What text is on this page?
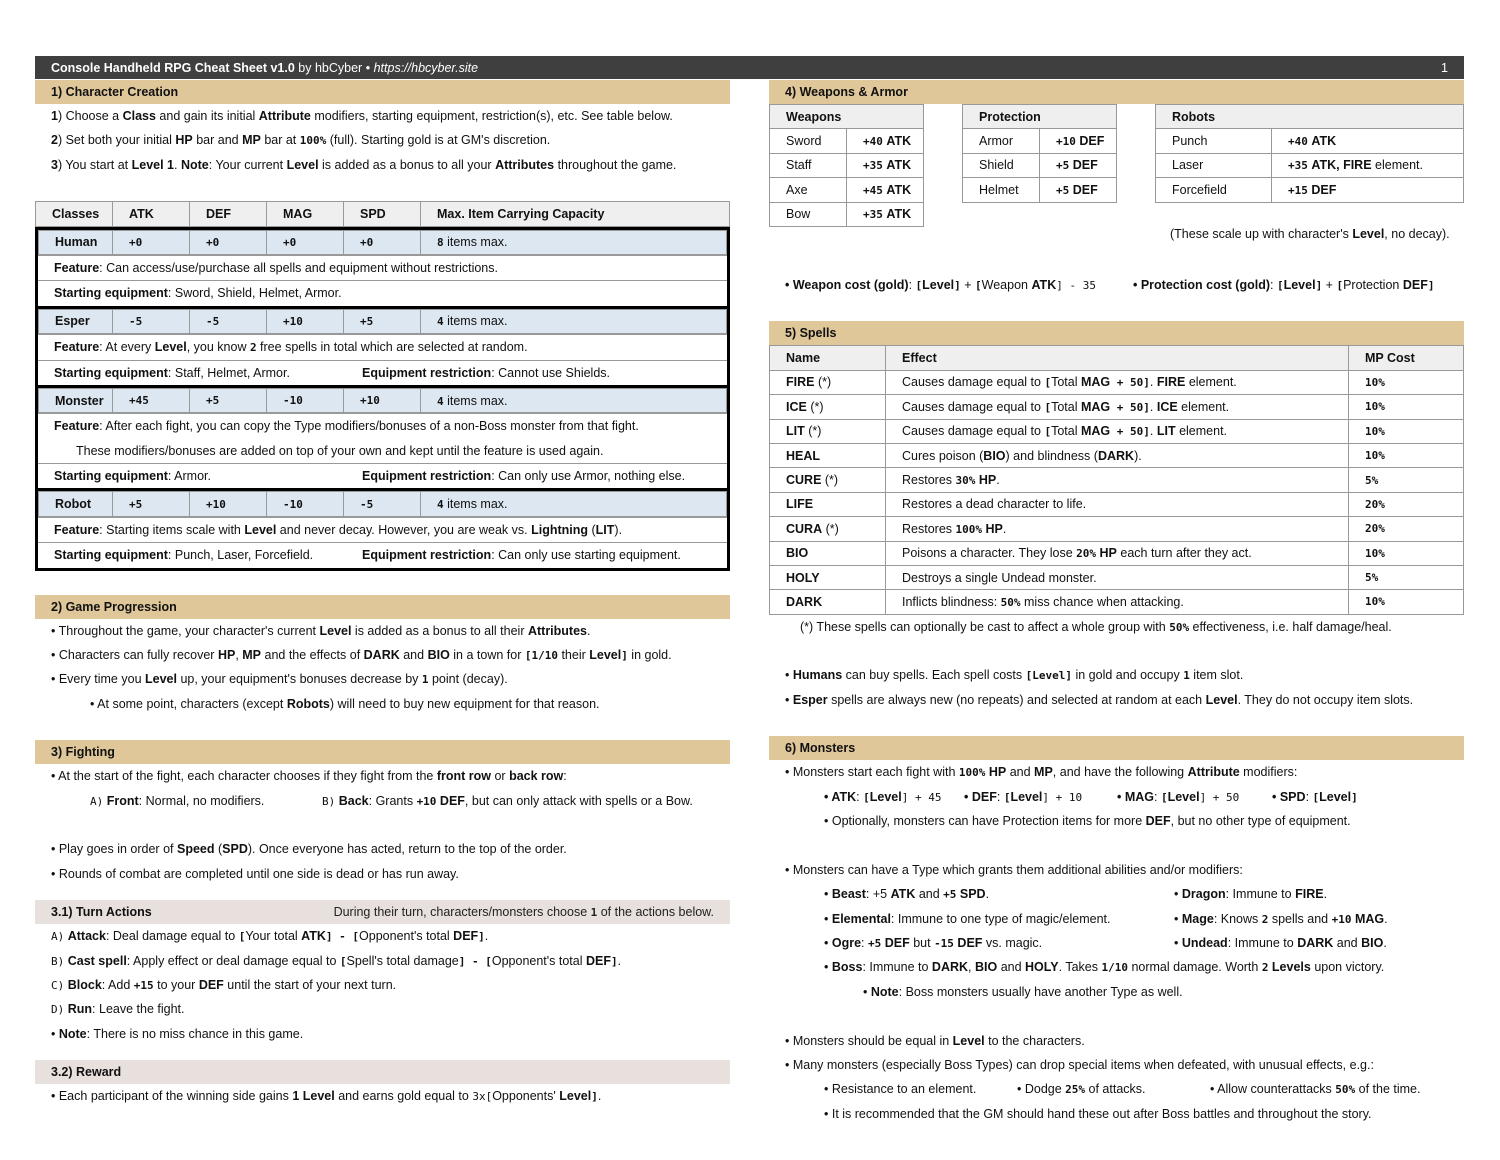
Console Handheld RPG Cheat Sheet v1.0
by hbCyber
•
https://hbcyber.site	1
1) Character Creation
1) Choose a Class and gain its initial Attribute modifiers, starting equipment, restriction(s), etc. See table below.
2) Set both your initial HP bar and MP bar at 100% (full). Starting gold is at GM's discretion.
3) You start at Level 1. Note: Your current Level is added as a bonus to all your Attributes throughout the game.
Classes	ATK	DEF	MAG	SPD	Max. Item Carrying Capacity
Human	+0	+0	+0	+0	8 items max.
Feature: Can access/use/purchase all spells and equipment without restrictions.
Starting equipment: Sword, Shield, Helmet, Armor.
Esper	-5	-5	+10	+5	4 items max.
Feature: At every Level, you know 2 free spells in total which are selected at random.
Starting equipment: Staff, Helmet, Armor.	Equipment restriction: Cannot use Shields.
Monster	+45	+5	-10	+10	4 items max.
Feature: After each fight, you can copy the Type modifiers/bonuses of a non-Boss monster from that fight.
These modifiers/bonuses are added on top of your own and kept until the feature is used again.
Starting equipment: Armor.	Equipment restriction: Can only use Armor, nothing else.
Robot	+5	+10	-10	-5	4 items max.
Feature: Starting items scale with Level and never decay. However, you are weak vs. Lightning (LIT).
Starting equipment: Punch, Laser, Forcefield.	Equipment restriction: Can only use starting equipment.
2) Game Progression
• Throughout the game, your character's current Level is added as a bonus to all their Attributes.
• Characters can fully recover HP, MP and the effects of DARK and BIO in a town for [1/10 their Level] in gold.
• Every time you Level up, your equipment's bonuses decrease by 1 point (decay).
• At some point, characters (except Robots) will need to buy new equipment for that reason.
3) Fighting
• At the start of the fight, each character chooses if they fight from the front row or back row:
A) Front: Normal, no modifiers.	B) Back: Grants +10 DEF, but can only attack with spells or a Bow.
• Play goes in order of Speed (SPD). Once everyone has acted, return to the top of the order.
• Rounds of combat are completed until one side is dead or has run away.
3.1) Turn Actions	During their turn, characters/monsters choose 1 of the actions below.
A) Attack: Deal damage equal to [Your total ATK] - [Opponent's total DEF].
B) Cast spell: Apply effect or deal damage equal to [Spell's total damage] - [Opponent's total DEF].
C) Block: Add +15 to your DEF until the start of your next turn.
D) Run: Leave the fight.
• Note: There is no miss chance in this game.
3.2) Reward
• Each participant of the winning side gains 1 Level and earns gold equal to 3x[Opponents' Level].
4) Weapons & Armor
Weapons	
Sword	+40 ATK
Staff	+35 ATK
Axe	+45 ATK
Bow	+35 ATK
Protection	
Armor	+10 DEF
Shield	+5 DEF
Helmet	+5 DEF
Robots	
Punch	+40 ATK
Laser	+35 ATK, FIRE element.
Forcefield	+15 DEF
(These scale up with character's Level, no decay).
• Weapon cost (gold): [Level] + [Weapon ATK] - 35	• Protection cost (gold): [Level] + [Protection DEF]
5) Spells
Name	Effect	MP Cost
FIRE (*)	Causes damage equal to [Total MAG + 50]. FIRE element.	10%
ICE (*)	Causes damage equal to [Total MAG + 50]. ICE element.	10%
LIT (*)	Causes damage equal to [Total MAG + 50]. LIT element.	10%
HEAL	Cures poison (BIO) and blindness (DARK).	10%
CURE (*)	Restores 30% HP.	5%
LIFE	Restores a dead character to life.	20%
CURA (*)	Restores 100% HP.	20%
BIO	Poisons a character. They lose 20% HP each turn after they act.	10%
HOLY	Destroys a single Undead monster.	5%
DARK	Inflicts blindness: 50% miss chance when attacking.	10%
(*) These spells can optionally be cast to affect a whole group with 50% effectiveness, i.e. half damage/heal.
• Humans can buy spells. Each spell costs [Level] in gold and occupy 1 item slot.
• Esper spells are always new (no repeats) and selected at random at each Level. They do not occupy item slots.
6) Monsters
• Monsters start each fight with 100% HP and MP, and have the following Attribute modifiers:
• ATK: [Level] + 45	• DEF: [Level] + 10	• MAG: [Level] + 50	• SPD: [Level]
• Optionally, monsters can have Protection items for more DEF, but no other type of equipment.
• Monsters can have a Type which grants them additional abilities and/or modifiers:
• Beast: +5 ATK and +5 SPD.	• Dragon: Immune to FIRE.
• Elemental: Immune to one type of magic/element.	• Mage: Knows 2 spells and +10 MAG.
• Ogre: +5 DEF but -15 DEF vs. magic.	• Undead: Immune to DARK and BIO.
• Boss: Immune to DARK, BIO and HOLY. Takes 1/10 normal damage. Worth 2 Levels upon victory.
• Note: Boss monsters usually have another Type as well.
• Monsters should be equal in Level to the characters.
• Many monsters (especially Boss Types) can drop special items when defeated, with unusual effects, e.g.:
• Resistance to an element.	• Dodge 25% of attacks.	• Allow counterattacks 50% of the time.
• It is recommended that the GM should hand these out after Boss battles and throughout the story.
